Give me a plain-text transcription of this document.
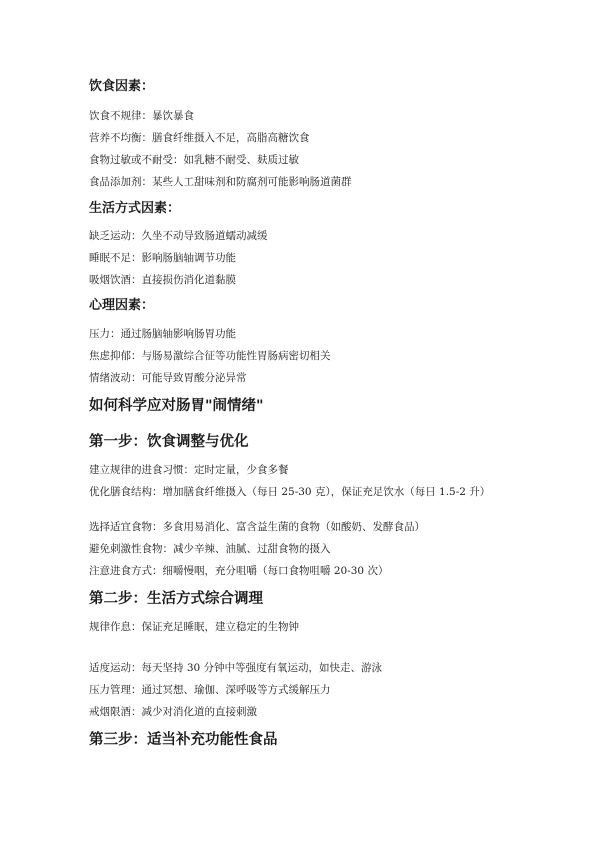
饮食因素：
饮食不规律：暴饮暴食
营养不均衡：膳食纤维摄入不足，高脂高糖饮食
食物过敏或不耐受：如乳糖不耐受、麸质过敏
食品添加剂：某些人工甜味剂和防腐剂可能影响肠道菌群
生活方式因素：
缺乏运动：久坐不动导致肠道蠕动减缓
睡眠不足：影响肠脑轴调节功能
吸烟饮酒：直接损伤消化道黏膜
心理因素：
压力：通过肠脑轴影响肠胃功能
焦虑抑郁：与肠易激综合征等功能性胃肠病密切相关
情绪波动：可能导致胃酸分泌异常
如何科学应对肠胃"闹情绪"
第一步：饮食调整与优化
建立规律的进食习惯：定时定量，少食多餐
优化膳食结构：增加膳食纤维摄入（每日 25-30 克），保证充足饮水（每日 1.5-2 升）
选择适宜食物：多食用易消化、富含益生菌的食物（如酸奶、发酵食品）
避免刺激性食物：减少辛辣、油腻、过甜食物的摄入
注意进食方式：细嚼慢咽，充分咀嚼（每口食物咀嚼 20-30 次）
第二步：生活方式综合调理
规律作息：保证充足睡眠，建立稳定的生物钟
适度运动：每天坚持 30 分钟中等强度有氧运动，如快走、游泳
压力管理：通过冥想、瑜伽、深呼吸等方式缓解压力
戒烟限酒：减少对消化道的直接刺激
第三步：适当补充功能性食品
